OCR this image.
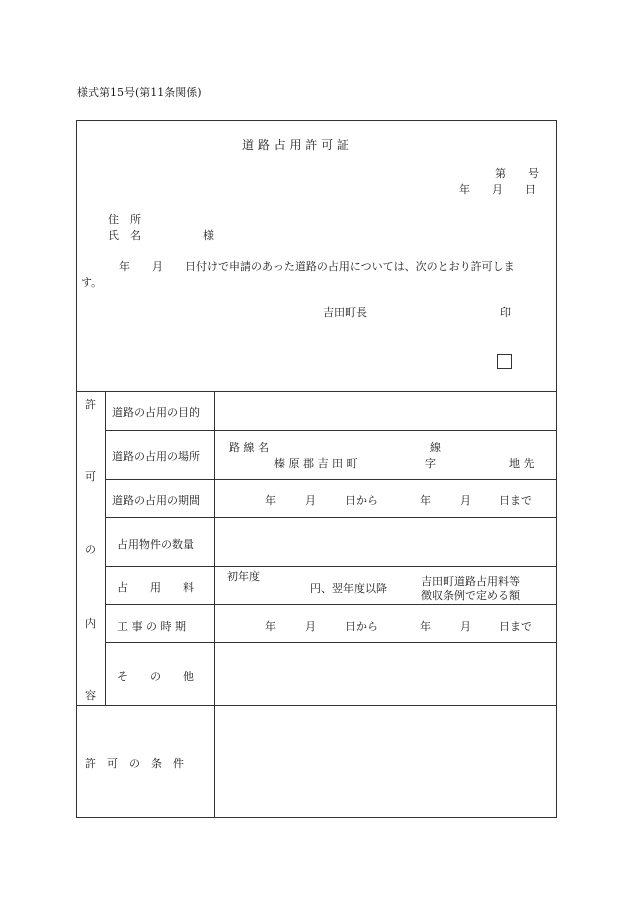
様式第15号(第11条関係)
道 路 占 用 許 可 証
第　　号
年　　月　　日
住　所
氏　名	様
年　　月　　日付けで申請のあった道路の占用については、次のとおり許可しま
す。
吉田町長	印
許
可
の
内
容
道路の占用の目的
道路の占用の場所
路 線 名	線
榛 原 郡 吉 田 町	字	地 先
道路の占用の期間	年	月	日から	年	月	日まで
占用物件の数量
占　　用　　料
初年度
円、翌年度以降
吉田町道路占用料等
徴収条例で定める額
工 事 の 時 期	年	月	日から	年	月	日まで
そ　　の　　他
許　可　の　条　件
